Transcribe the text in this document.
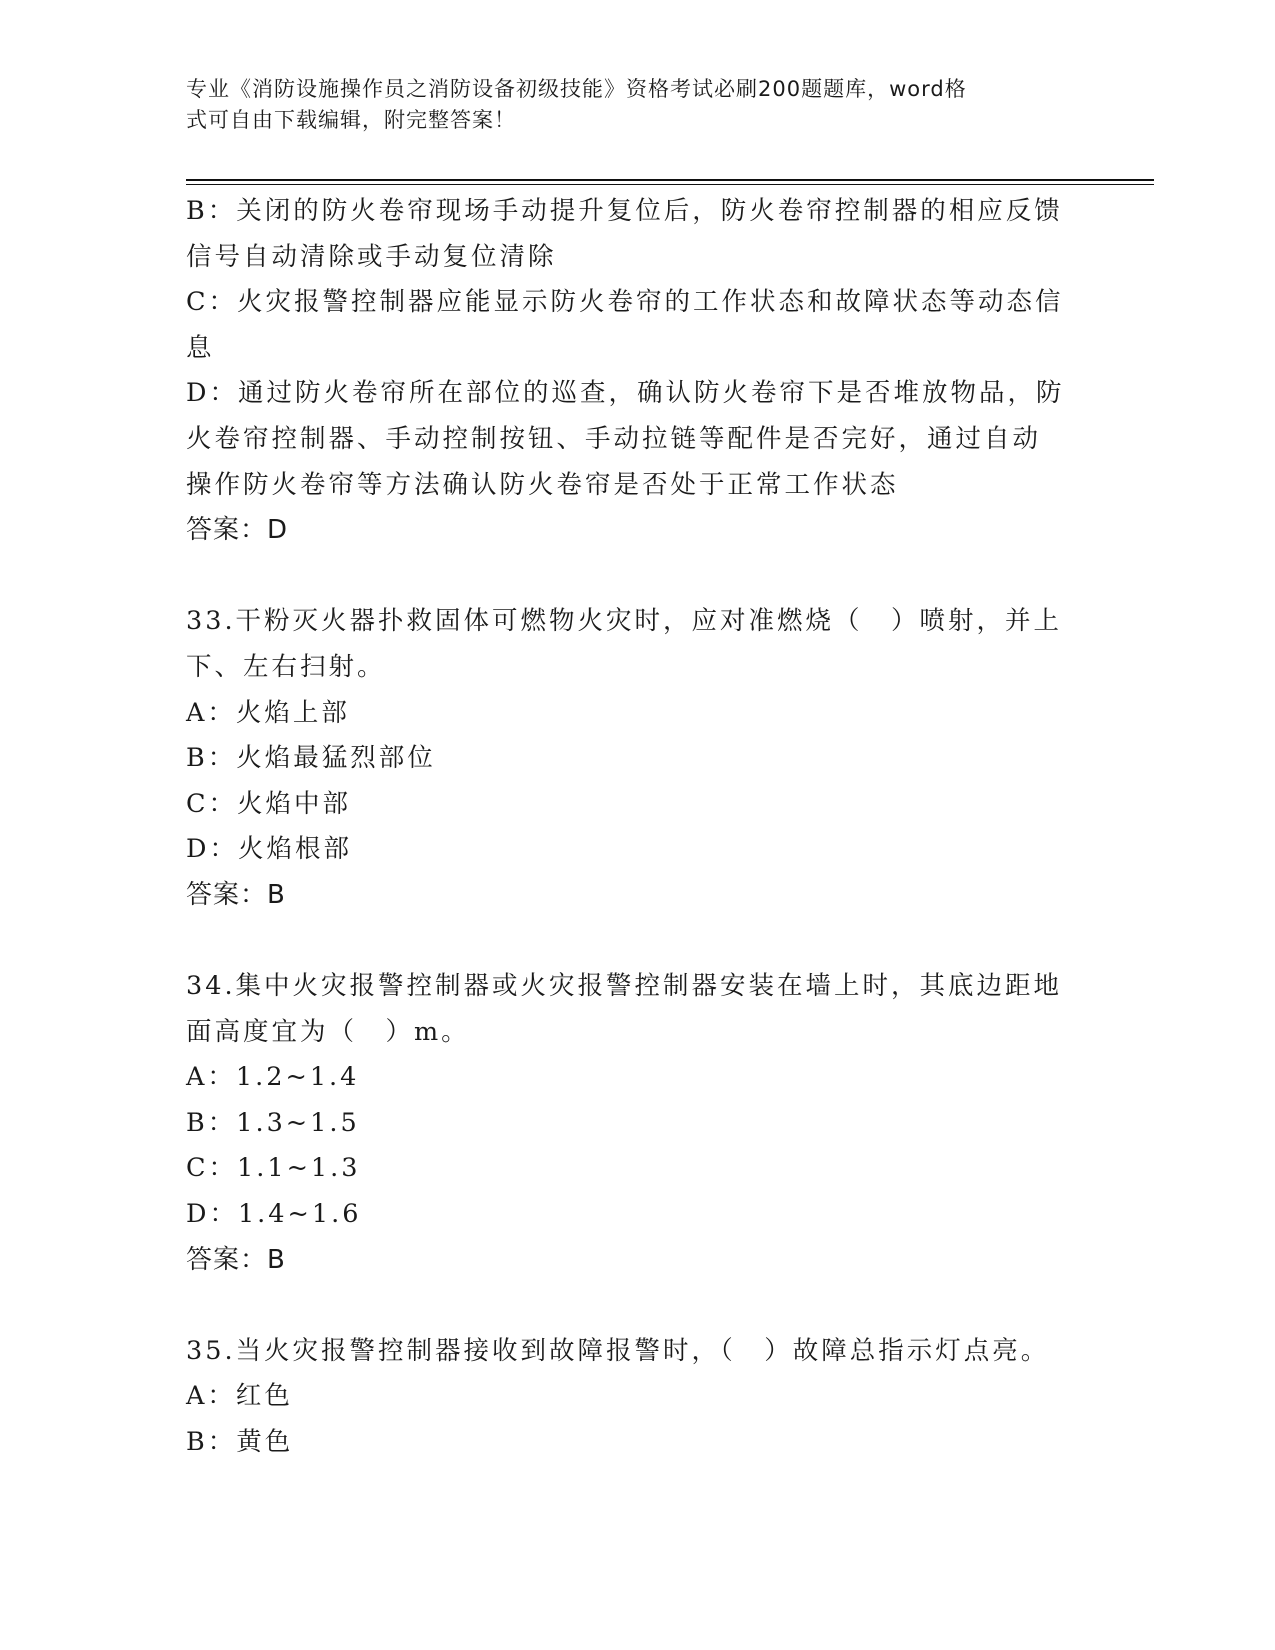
专业《消防设施操作员之消防设备初级技能》资格考试必刷200题题库，word格
式可自由下载编辑，附完整答案！
B：关闭的防火卷帘现场手动提升复位后，防火卷帘控制器的相应反馈
信号自动清除或手动复位清除
C：火灾报警控制器应能显示防火卷帘的工作状态和故障状态等动态信
息
D：通过防火卷帘所在部位的巡查，确认防火卷帘下是否堆放物品，防
火卷帘控制器、手动控制按钮、手动拉链等配件是否完好，通过自动
操作防火卷帘等方法确认防火卷帘是否处于正常工作状态
答案：D
33.干粉灭火器扑救固体可燃物火灾时，应对准燃烧（　）喷射，并上
下、左右扫射。
A：火焰上部
B：火焰最猛烈部位
C：火焰中部
D：火焰根部
答案：B
34.集中火灾报警控制器或火灾报警控制器安装在墙上时，其底边距地
面高度宜为（　）m。
A：1.2~1.4
B：1.3~1.5
C：1.1~1.3
D：1.4~1.6
答案：B
35.当火灾报警控制器接收到故障报警时，（　）故障总指示灯点亮。
A：红色
B：黄色
